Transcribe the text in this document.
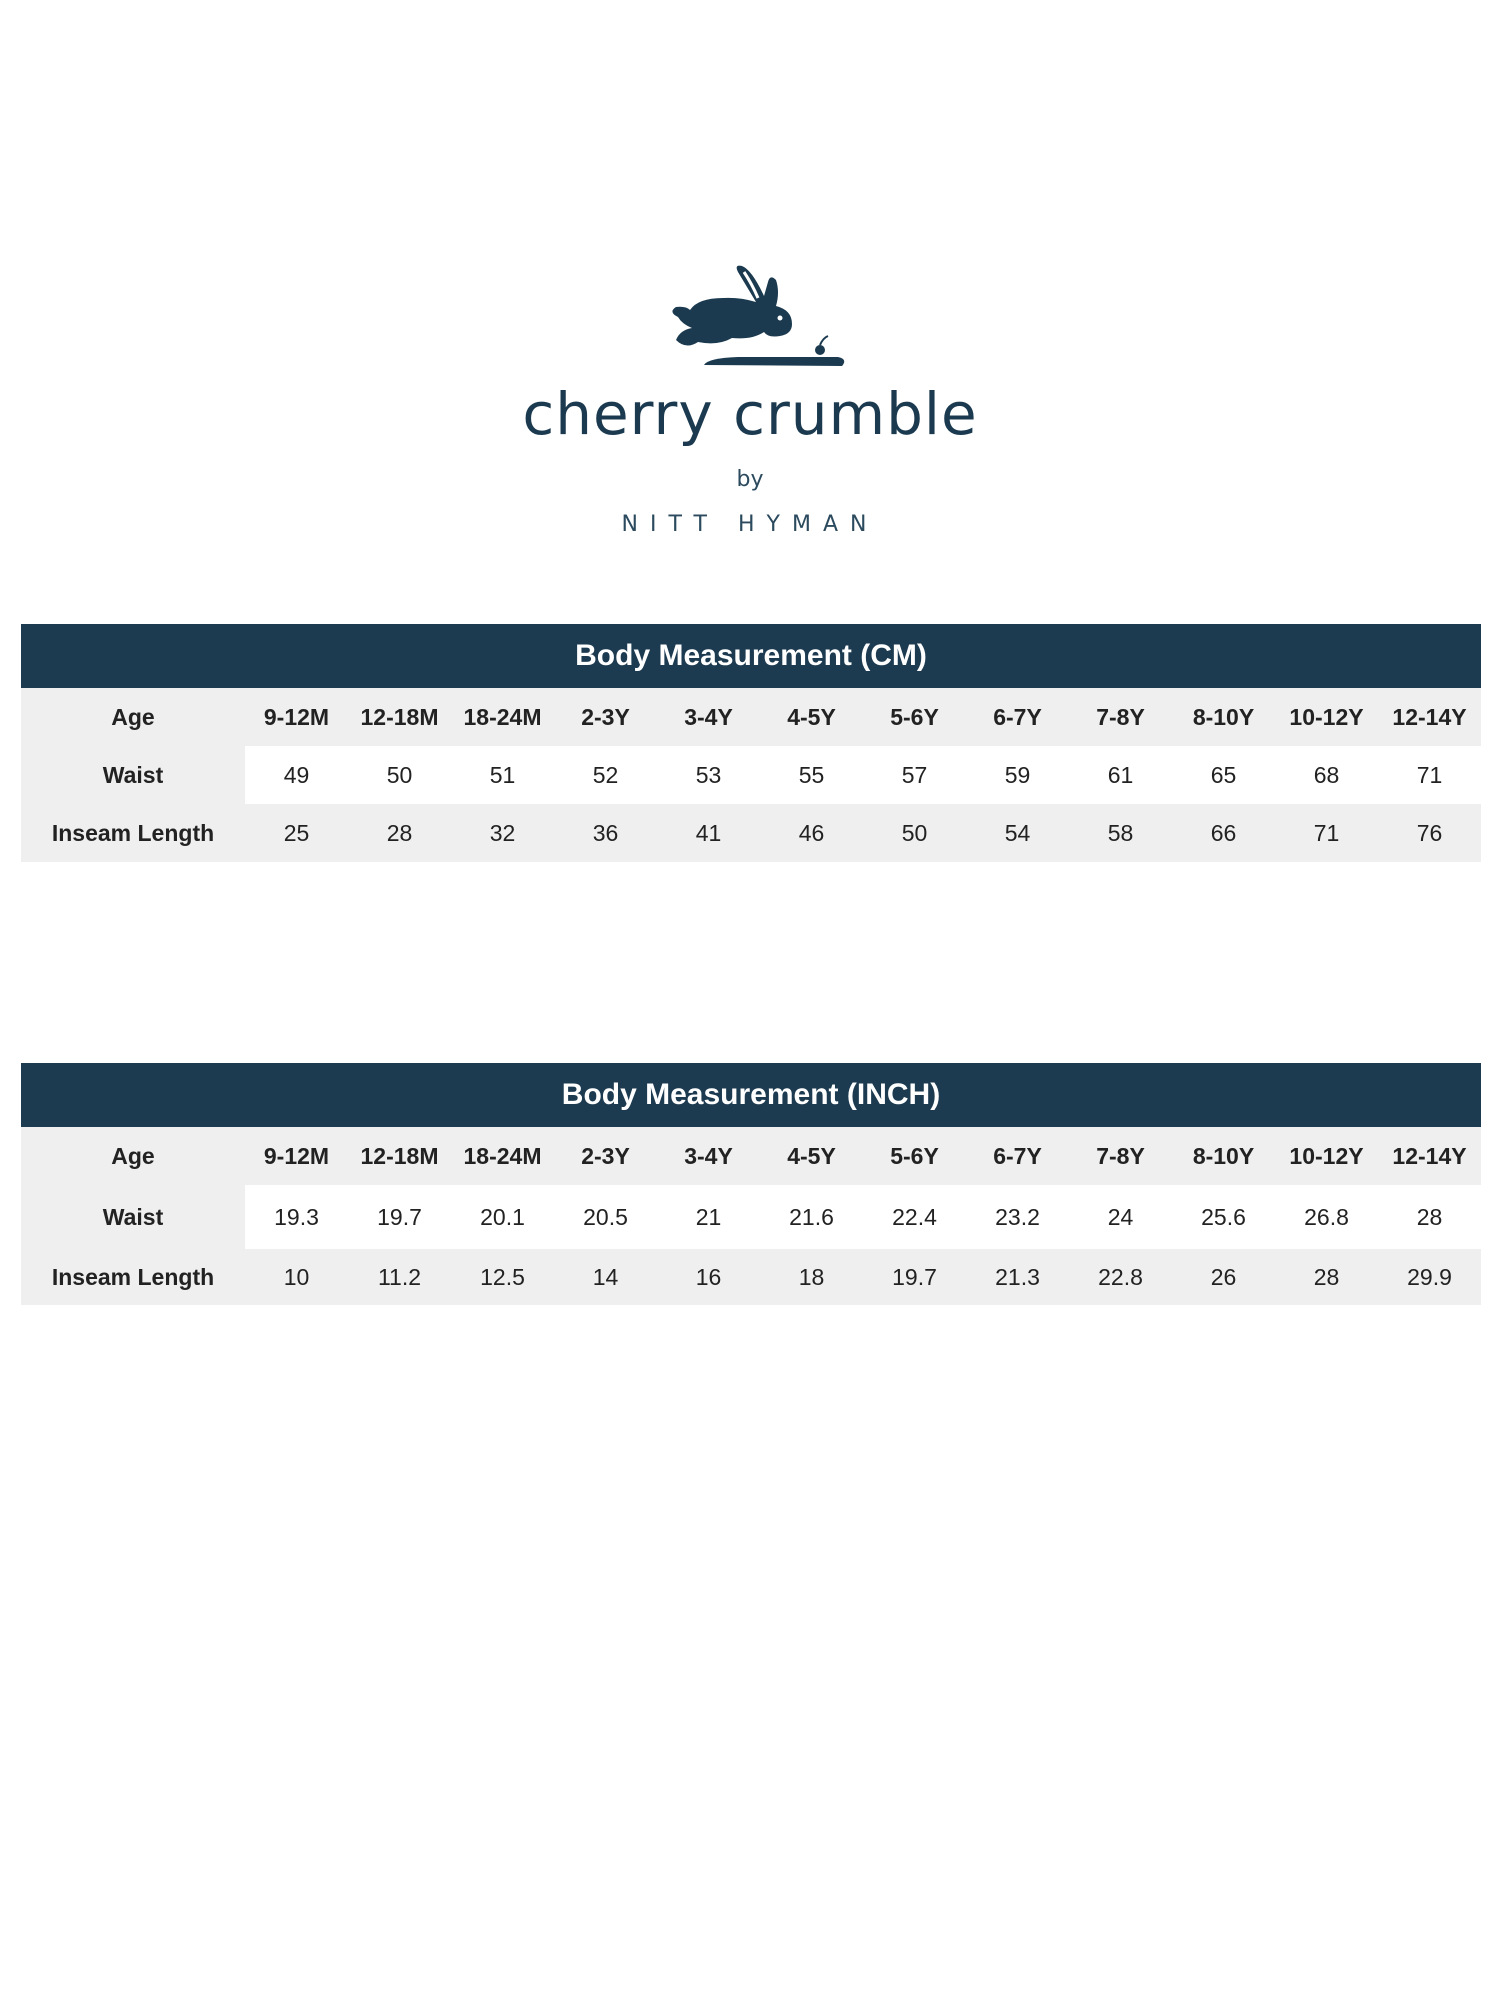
cherry crumble
by
NITT HYMAN
Body Measurement (CM)
Age	9-12M	12-18M	18-24M	2-3Y	3-4Y	4-5Y	5-6Y	6-7Y	7-8Y	8-10Y	10-12Y	12-14Y
Waist	49	50	51	52	53	55	57	59	61	65	68	71
Inseam Length	25	28	32	36	41	46	50	54	58	66	71	76
Body Measurement (INCH)
Age	9-12M	12-18M	18-24M	2-3Y	3-4Y	4-5Y	5-6Y	6-7Y	7-8Y	8-10Y	10-12Y	12-14Y
Waist	19.3	19.7	20.1	20.5	21	21.6	22.4	23.2	24	25.6	26.8	28
Inseam Length	10	11.2	12.5	14	16	18	19.7	21.3	22.8	26	28	29.9
